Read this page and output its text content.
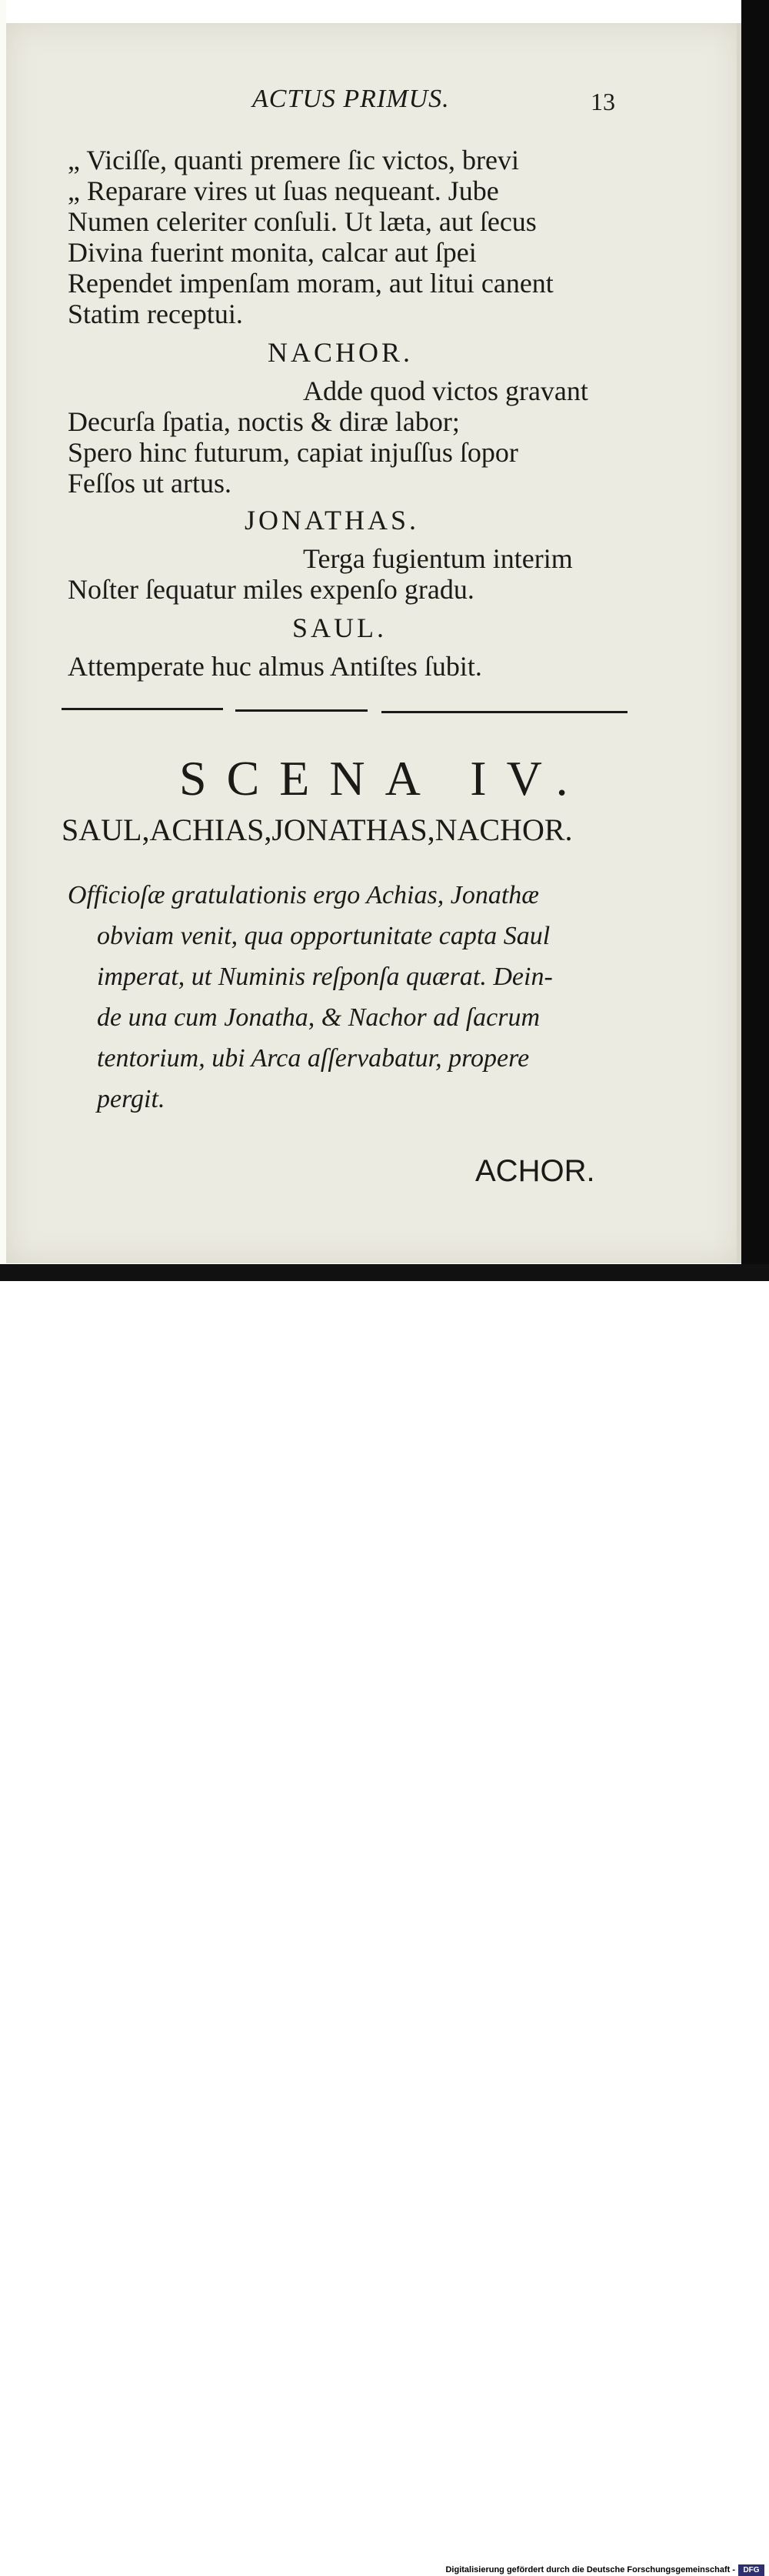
ACTUS PRIMUS.	13
„ Viciſſe, quanti premere ſic victos, brevi
„ Reparare vires ut ſuas nequeant. Jube
Numen celeriter conſuli. Ut læta, aut ſecus
Divina fuerint monita, calcar aut ſpei
Rependet impenſam moram, aut litui canent
Statim receptui.
NACHOR.
Adde quod victos gravant
Decurſa ſpatia, noctis & diræ labor;
Spero hinc futurum, capiat injuſſus ſopor
Feſſos ut artus.
JONATHAS.
Terga fugientum interim
Noſter ſequatur miles expenſo gradu.
SAUL.
Attemperate huc almus Antiſtes ſubit.
SCENA IV.
SAUL,ACHIAS,JONATHAS,NACHOR.
Officioſæ gratulationis ergo Achias, Jonathæ
obviam venit, qua opportunitate capta Saul
imperat, ut Numinis reſponſa quærat. Dein-
de una cum Jonatha, & Nachor ad ſacrum
tentorium, ubi Arca aſſervabatur, propere
pergit.
ACHOR.
Digitalisierung gefördert durch die Deutsche Forschungsgemeinschaft -	DFG
